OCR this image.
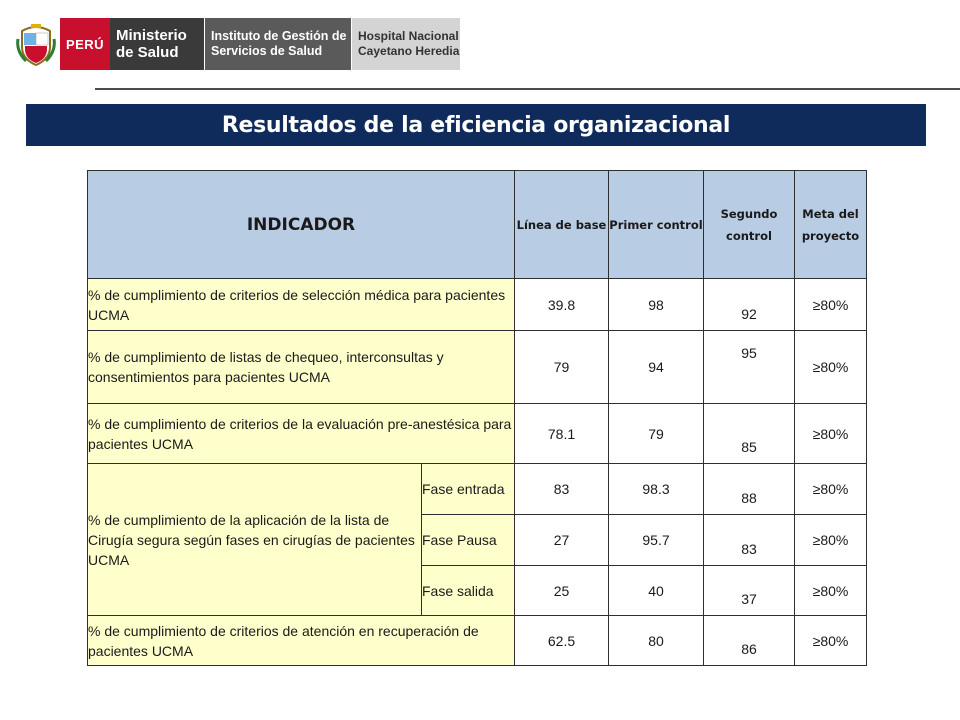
PERÚ Ministerio
de Salud
Instituto de Gestión de
Servicios de Salud
Hospital Nacional
Cayetano Heredia
Resultados de la eficiencia organizacional
INDICADOR		Línea de base	Primer control	Segundo control	Meta del proyecto
% de cumplimiento de criterios de selección médica para pacientes UCMA		39.8	98	92	≥80%
% de cumplimiento de listas de chequeo, interconsultas y consentimientos para pacientes UCMA		79	94	95	≥80%
% de cumplimiento de criterios de la evaluación pre-anestésica para pacientes UCMA		78.1	79	85	≥80%
% de cumplimiento de la aplicación de la lista de Cirugía segura según fases en cirugías de pacientes UCMA	Fase entrada	83	98.3	88	≥80%
	Fase Pausa	27	95.7	83	≥80%
	Fase salida	25	40	37	≥80%
% de cumplimiento de criterios de atención en recuperación de pacientes UCMA		62.5	80	86	≥80%
